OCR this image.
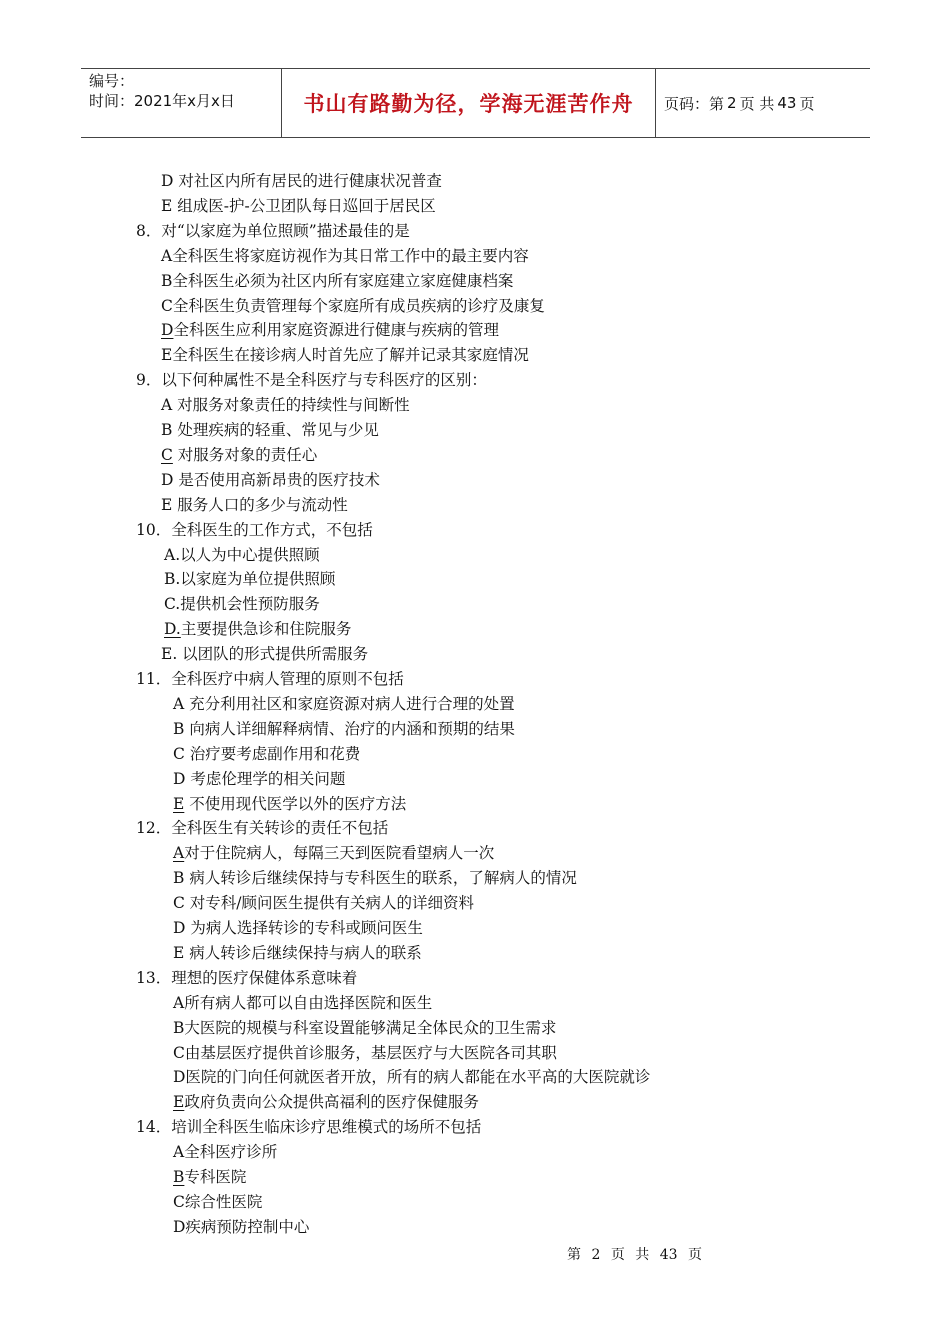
编号：
时间：2021年x月x日	书山有路勤为径，学海无涯苦作舟	页码：第 2 页 共 43 页
D 对社区内所有居民的进行健康状况普查
E 组成医-护-公卫团队每日巡回于居民区
8．对“以家庭为单位照顾”描述最佳的是
A全科医生将家庭访视作为其日常工作中的最主要内容
B全科医生必须为社区内所有家庭建立家庭健康档案
C全科医生负责管理每个家庭所有成员疾病的诊疗及康复
D全科医生应利用家庭资源进行健康与疾病的管理
E全科医生在接诊病人时首先应了解并记录其家庭情况
9．以下何种属性不是全科医疗与专科医疗的区别：
A 对服务对象责任的持续性与间断性
B 处理疾病的轻重、常见与少见
C 对服务对象的责任心
D 是否使用高新昂贵的医疗技术
E 服务人口的多少与流动性
10．全科医生的工作方式，不包括
A.以人为中心提供照顾
B.以家庭为单位提供照顾
C.提供机会性预防服务
D.主要提供急诊和住院服务
E. 以团队的形式提供所需服务
11．全科医疗中病人管理的原则不包括
A 充分利用社区和家庭资源对病人进行合理的处置
B 向病人详细解释病情、治疗的内涵和预期的结果
C 治疗要考虑副作用和花费
D 考虑伦理学的相关问题
E 不使用现代医学以外的医疗方法
12．全科医生有关转诊的责任不包括
A对于住院病人，每隔三天到医院看望病人一次
B 病人转诊后继续保持与专科医生的联系，了解病人的情况
C 对专科/顾问医生提供有关病人的详细资料
D 为病人选择转诊的专科或顾问医生
E 病人转诊后继续保持与病人的联系
13．理想的医疗保健体系意味着
A所有病人都可以自由选择医院和医生
B大医院的规模与科室设置能够满足全体民众的卫生需求
C由基层医疗提供首诊服务，基层医疗与大医院各司其职
D医院的门向任何就医者开放，所有的病人都能在水平高的大医院就诊
E政府负责向公众提供高福利的医疗保健服务
14．培训全科医生临床诊疗思维模式的场所不包括
A全科医疗诊所
B专科医院
C综合性医院
D疾病预防控制中心
第 2 页 共 43 页
